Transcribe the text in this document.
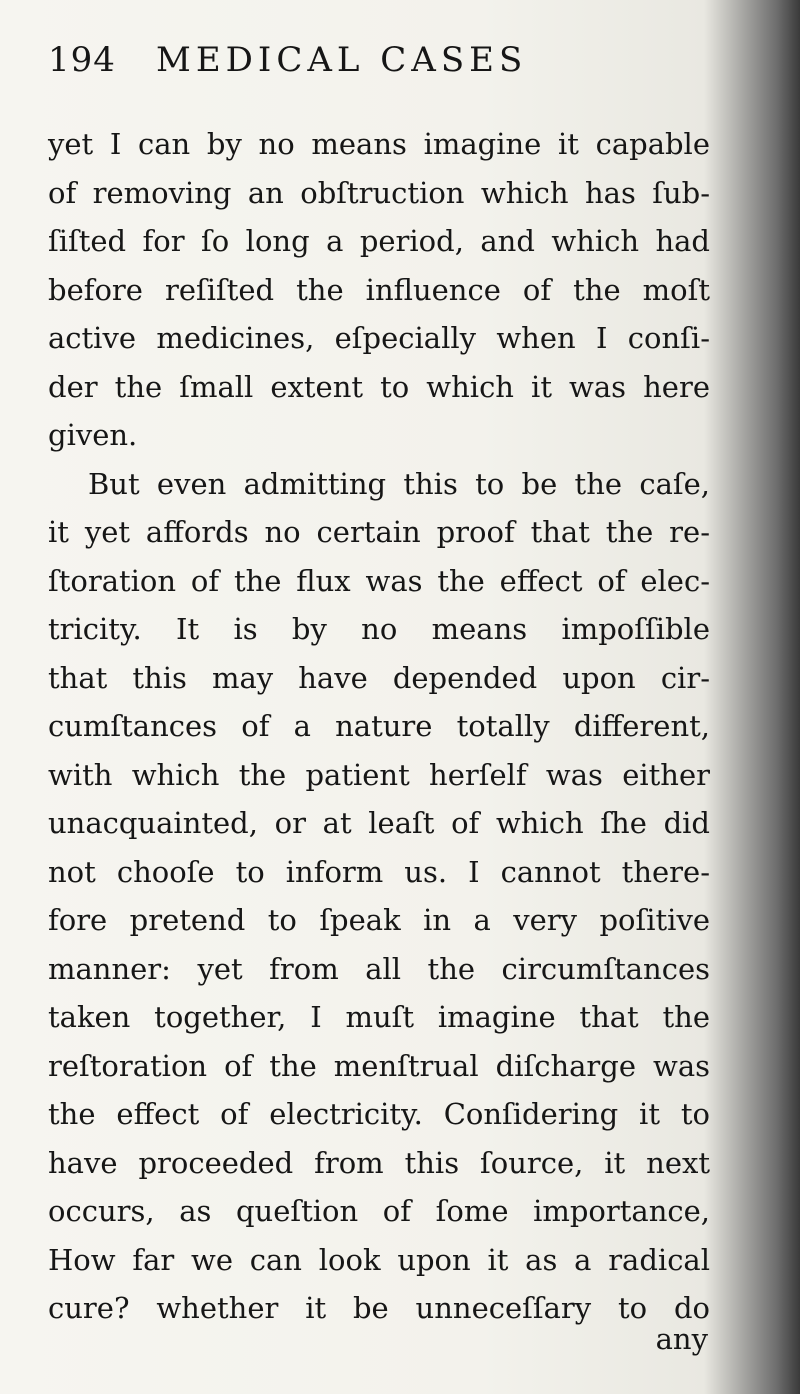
194 MEDICAL CASES
yet I can by no means imagine it capable
of removing an obſtruction which has ſub-
ſiſted for ſo long a period, and which had
before reſiſted the influence of the moſt
active medicines, eſpecially when I conſi-
der the ſmall extent to which it was here
given.
But even admitting this to be the caſe,
it yet affords no certain proof that the re-
ſtoration of the flux was the effect of elec-
tricity. It is by no means impoſſible
that this may have depended upon cir-
cumſtances of a nature totally different,
with which the patient herſelf was either
unacquainted, or at leaſt of which ſhe did
not chooſe to inform us. I cannot there-
fore pretend to ſpeak in a very poſitive
manner: yet from all the circumſtances
taken together, I muſt imagine that the
reſtoration of the menſtrual diſcharge was
the effect of electricity. Conſidering it to
have proceeded from this ſource, it next
occurs, as queſtion of ſome importance,
How far we can look upon it as a radical
cure? whether it be unneceſſary to do
any
